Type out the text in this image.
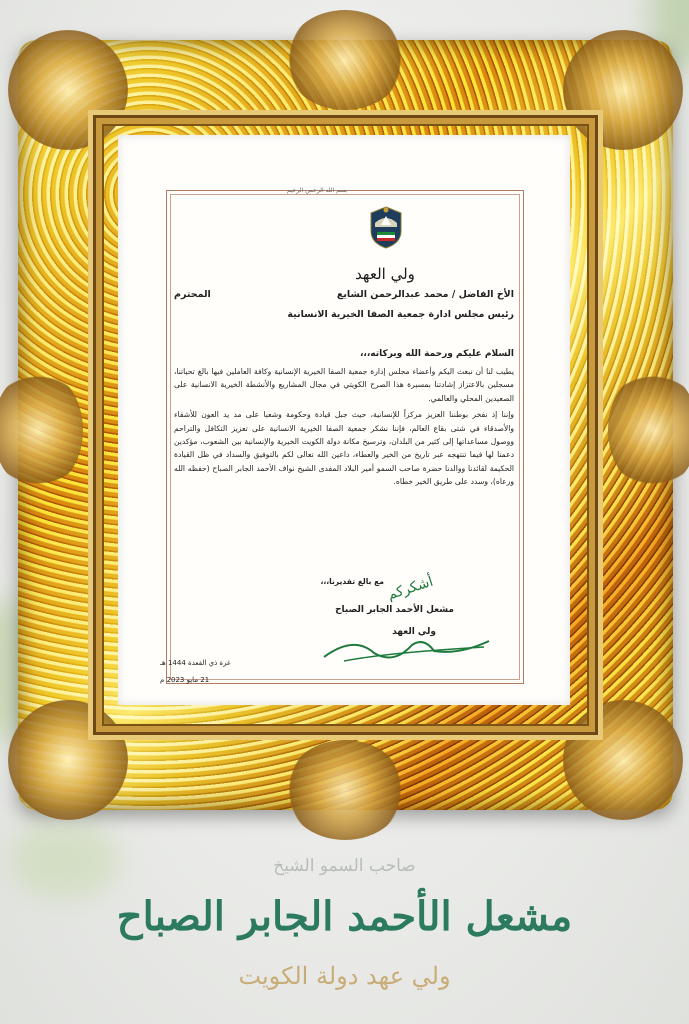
بسم الله الرحمن الرحيم
ولي العهد
الأخ الفاضل / محمد عبدالرحمن الشايع
المحترم
رئيس مجلس ادارة جمعية الصفا الخيرية الانسانية
السلام عليكم ورحمة الله وبركاته،،،

يطيب لنا أن نبعث اليكم وأعضاء مجلس إدارة جمعية الصفا الخيرية الإنسانية وكافة العاملين فيها بالغ تحياتنا، مسجلين بالاعتزاز إشادتنا بمسيرة هذا الصرح الكويتي في مجال المشاريع والأنشطة الخيرية الانسانية على الصعيدين المحلي والعالمي.

وإننا إذ نفخر بوطننا العزيز مركزاً للإنسانية، حيث جبل قيادة وحكومة وشعبا على مد يد العون للأشقاء والأصدقاء في شتى بقاع العالم، فإننا نشكر جمعية الصفا الخيرية الانسانية على تعزيز التكافل والتراحم ووصول مساعداتها إلى كثير من البلدان، وترسيخ مكانة دولة الكويت الخيرية والإنسانية بين الشعوب، مؤكدين دعمنا لها فيما تنتهجه عبر تاريخ من الخير والعطاء، داعين الله تعالى لكم بالتوفيق والسداد في ظل القيادة الحكيمة لقائدنا ووالدنا حضرة صاحب السمو أمير البلاد المفدى الشيخ نواف الأحمد الجابر الصباح (حفظه الله ورعاه)، وسدد على طريق الخير خطاه.

مع بالغ تقديرنا،،، أشكركم
مشعل الأحمد الجابر الصباح
ولي العهد
غرة ذي القعدة 1444 هـ
21 مايو 2023 م
صاحب السمو الشيخ
مشعل الأحمد الجابر الصباح
ولي عهد دولة الكويت
